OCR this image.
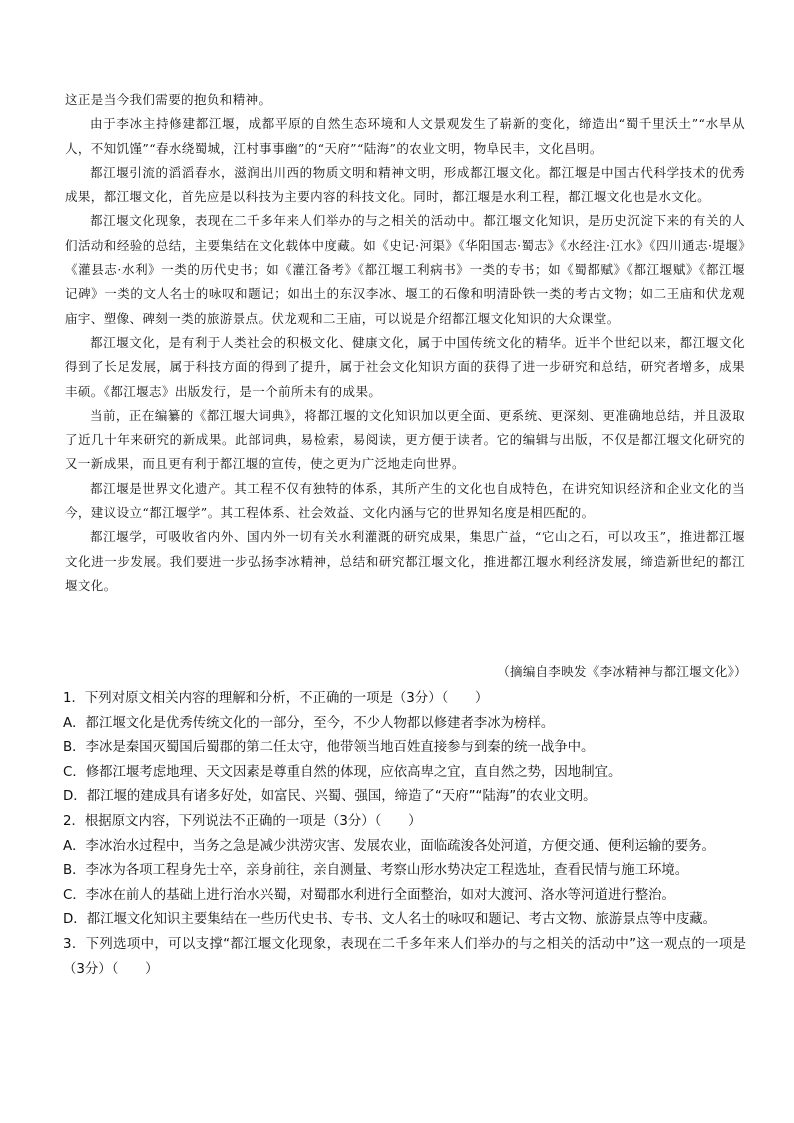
这正是当今我们需要的抱负和精神。

由于李冰主持修建都江堰，成都平原的自然生态环境和人文景观发生了崭新的变化，缔造出“蜀千里沃土”“水旱从人，不知饥馑”“春水绕蜀城，江村事事幽”的“天府”“陆海”的农业文明，物阜民丰，文化昌明。

都江堰引流的滔滔春水，滋润出川西的物质文明和精神文明，形成都江堰文化。都江堰是中国古代科学技术的优秀成果，都江堰文化，首先应是以科技为主要内容的科技文化。同时，都江堰是水利工程，都江堰文化也是水文化。

都江堰文化现象，表现在二千多年来人们举办的与之相关的活动中。都江堰文化知识，是历史沉淀下来的有关的人们活动和经验的总结，主要集结在文化载体中度藏。如《史记·河渠》《华阳国志·蜀志》《水经注·江水》《四川通志·堤堰》《灌县志·水利》一类的历代史书；如《灌江备考》《都江堰工利病书》一类的专书；如《蜀都赋》《都江堰赋》《都江堰记碑》一类的文人名士的咏叹和题记；如出土的东汉李冰、堰工的石像和明清卧铁一类的考古文物；如二王庙和伏龙观庙宇、塑像、碑刻一类的旅游景点。伏龙观和二王庙，可以说是介绍都江堰文化知识的大众课堂。

都江堰文化，是有利于人类社会的积极文化、健康文化，属于中国传统文化的精华。近半个世纪以来，都江堰文化得到了长足发展，属于科技方面的得到了提升，属于社会文化知识方面的获得了进一步研究和总结，研究者增多，成果丰硕。《都江堰志》出版发行，是一个前所未有的成果。

当前，正在编纂的《都江堰大词典》，将都江堰的文化知识加以更全面、更系统、更深刻、更准确地总结，并且汲取了近几十年来研究的新成果。此部词典，易检索，易阅读，更方便于读者。它的编辑与出版，不仅是都江堰文化研究的又一新成果，而且更有利于都江堰的宣传，使之更为广泛地走向世界。

都江堰是世界文化遗产。其工程不仅有独特的体系，其所产生的文化也自成特色，在讲究知识经济和企业文化的当今，建议设立“都江堰学”。其工程体系、社会效益、文化内涵与它的世界知名度是相匹配的。

都江堰学，可吸收省内外、国内外一切有关水利灌溉的研究成果，集思广益，“它山之石，可以攻玉”，推进都江堰文化进一步发展。我们要进一步弘扬李冰精神，总结和研究都江堰文化，推进都江堰水利经济发展，缔造新世纪的都江堰文化。

（摘编自李映发《李冰精神与都江堰文化》）

1．下列对原文相关内容的理解和分析，不正确的一项是（3分）（　　）

A．都江堰文化是优秀传统文化的一部分，至今，不少人物都以修建者李冰为榜样。

B．李冰是秦国灭蜀国后蜀郡的第二任太守，他带领当地百姓直接参与到秦的统一战争中。

C．修都江堰考虑地理、天文因素是尊重自然的体现，应依高卑之宜，直自然之势，因地制宜。

D．都江堰的建成具有诸多好处，如富民、兴蜀、强国，缔造了“天府”“陆海”的农业文明。

2．根据原文内容，下列说法不正确的一项是（3分）（　　）

A．李冰治水过程中，当务之急是减少洪涝灾害、发展农业，面临疏浚各处河道，方便交通、便利运输的要务。

B．李冰为各项工程身先士卒，亲身前往，亲自测量、考察山形水势决定工程选址，查看民情与施工环境。

C．李冰在前人的基础上进行治水兴蜀，对蜀郡水利进行全面整治，如对大渡河、洛水等河道进行整治。

D．都江堰文化知识主要集结在一些历代史书、专书、文人名士的咏叹和题记、考古文物、旅游景点等中庋藏。

3．下列选项中，可以支撑“都江堰文化现象，表现在二千多年来人们举办的与之相关的活动中”这一观点的一项是（3分）（　　）
